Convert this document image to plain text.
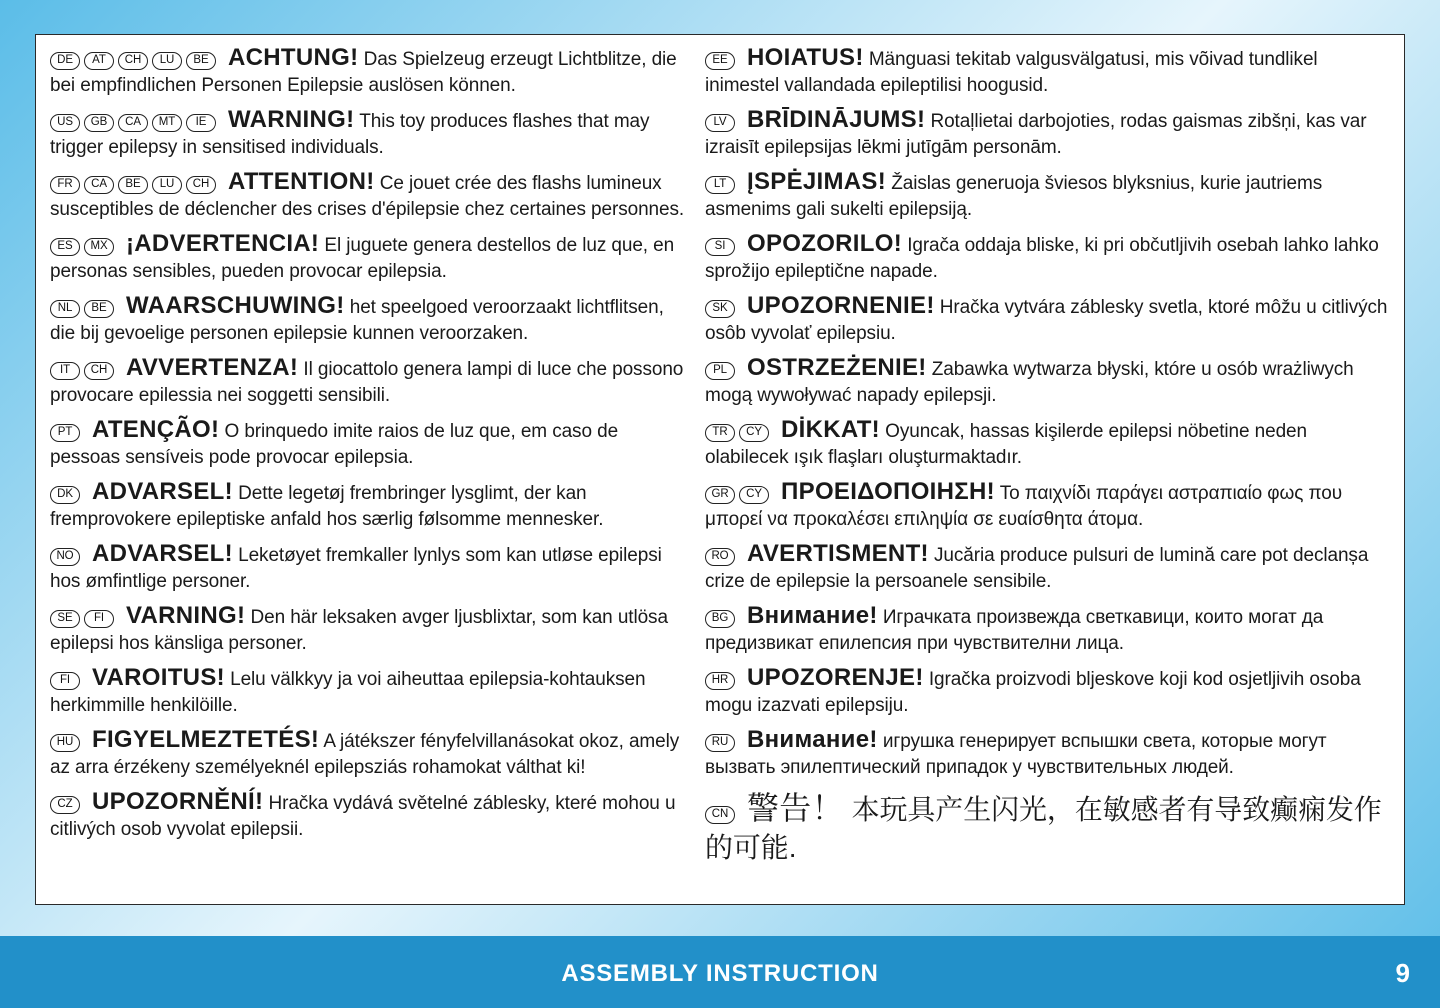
DE AT CH LU BE ACHTUNG! Das Spielzeug erzeugt Lichtblitze, die bei empfindlichen Personen Epilepsie auslösen können.
US GB CA MT IE WARNING! This toy produces flashes that may trigger epilepsy in sensitised individuals.
FR CA BE LU CH ATTENTION! Ce jouet crée des flashs lumineux susceptibles de déclencher des crises d'épilepsie chez certaines personnes.
ES MX ¡ADVERTENCIA! El juguete genera destellos de luz que, en personas sensibles, pueden provocar epilepsia.
NL BE WAARSCHUWING! het speelgoed veroorzaakt lichtflitsen, die bij gevoelige personen epilepsie kunnen veroorzaken.
IT CH AVVERTENZA! Il giocattolo genera lampi di luce che possono provocare epilessia nei soggetti sensibili.
PT ATENÇÃO! O brinquedo imite raios de luz que, em caso de pessoas sensíveis pode provocar epilepsia.
DK ADVARSEL! Dette legetøj frembringer lysglimt, der kan fremprovokere epileptiske anfald hos særlig følsomme mennesker.
NO ADVARSEL! Leketøyet fremkaller lynlys som kan utløse epilepsi hos ømfintlige personer.
SE FI VARNING! Den här leksaken avger ljusblixtar, som kan utlösa epilepsi hos känsliga personer.
FI VAROITUS! Lelu välkkyy ja voi aiheuttaa epilepsia-kohtauksen herkimmille henkilöille.
HU FIGYELMEZTETÉS! A játékszer fényfelvillanásokat okoz, amely az arra érzékeny személyeknél epilepsziás rohamokat válthat ki!
CZ UPOZORNĚNÍ! Hračka vydává světelné záblesky, které mohou u citlivých osob vyvolat epilepsii.
EE HOIATUS! Mänguasi tekitab valgusvälgatusi, mis võivad tundlikel inimestel vallandada epileptilisi hoogusid.
LV BRĪDINĀJUMS! Rotaļlietai darbojoties, rodas gaismas zibšņi, kas var izraisīt epilepsijas lēkmi jutīgām personām.
LT ĮSPĖJIMAS! Žaislas generuoja šviesos blyksnius, kurie jautriems asmenims gali sukelti epilepsiją.
SI OPOZORILO! Igrača oddaja bliske, ki pri občutljivih osebah lahko lahko sprožijo epileptične napade.
SK UPOZORNENIE! Hračka vytvára záblesky svetla, ktoré môžu u citlivých osôb vyvolať epilepsiu.
PL OSTRZEŻENIE! Zabawka wytwarza błyski, które u osób wrażliwych mogą wywoływać napady epilepsji.
TR CY DİKKAT! Oyuncak, hassas kişilerde epilepsi nöbetine neden olabilecek ışık flaşları oluşturmaktadır.
GR CY ΠΡΟΕΙΔΟΠΟΙΗΣΗ! Το παιχνίδι παράγει αστραπιαίο φως που μπορεί να προκαλέσει επιληψία σε ευαίσθητα άτομα.
RO AVERTISMENT! Jucăria produce pulsuri de lumină care pot declanșa crize de epilepsie la persoanele sensibile.
BG Внимание! Играчката произвежда светкавици, които могат да предизвикат епилепсия при чувствителни лица.
HR UPOZORENJE! Igračka proizvodi bljeskove koji kod osjetljivih osoba mogu izazvati epilepsiju.
RU Внимание! игрушка генерирует вспышки света, которые могут вызвать эпилептический припадок у чувствительных людей.
CN 警告！ 本玩具产生闪光，在敏感者有导致癫痫发作的可能.
ASSEMBLY INSTRUCTION	9
